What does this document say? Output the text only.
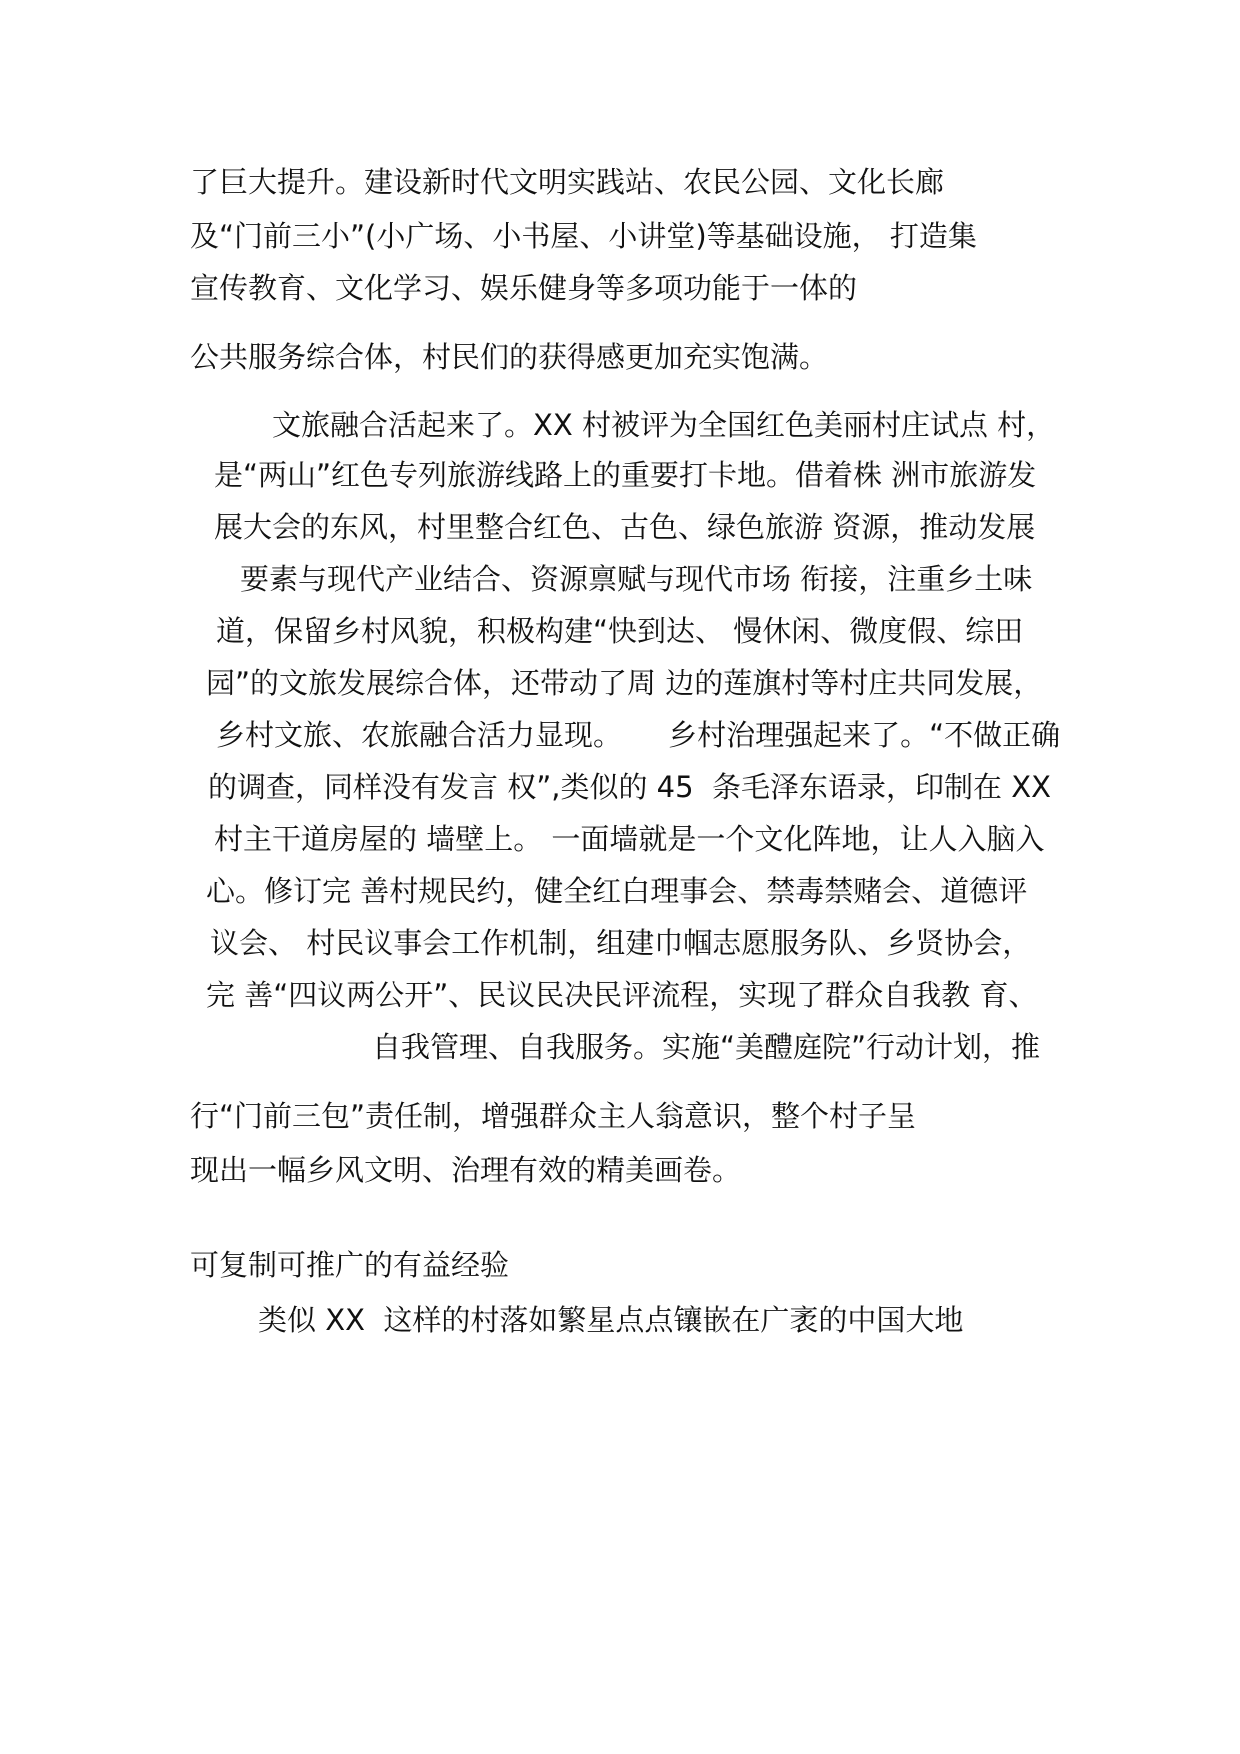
了巨大提升。建设新时代文明实践站、农民公园、文化长廊

及“门前三小”(小广场、小书屋、小讲堂)等基础设施， 打造集

宣传教育、文化学习、娱乐健身等多项功能于一体的

公共服务综合体，村民们的获得感更加充实饱满。

文旅融合活起来了。XX 村被评为全国红色美丽村庄试点 村，

是“两山”红色专列旅游线路上的重要打卡地。借着株 洲市旅游发

展大会的东风，村里整合红色、古色、绿色旅游 资源，推动发展

要素与现代产业结合、资源禀赋与现代市场 衔接，注重乡土味

道，保留乡村风貌，积极构建“快到达、 慢休闲、微度假、综田

园”的文旅发展综合体，还带动了周 边的莲旗村等村庄共同发展，

乡村文旅、农旅融合活力显现。     乡村治理强起来了。“不做正确

的调查，同样没有发言 权”,类似的 45  条毛泽东语录，印制在 XX

村主干道房屋的 墙壁上。 一面墙就是一个文化阵地，让人入脑入

心。修订完 善村规民约，健全红白理事会、禁毒禁赌会、道德评

议会、 村民议事会工作机制，组建巾帼志愿服务队、乡贤协会，

完 善“四议两公开”、民议民决民评流程，实现了群众自我教 育、

自我管理、自我服务。实施“美醴庭院”行动计划，推

行“门前三包”责任制，增强群众主人翁意识，整个村子呈

现出一幅乡风文明、治理有效的精美画卷。

可复制可推广的有益经验

类似 XX  这样的村落如繁星点点镶嵌在广袤的中国大地
